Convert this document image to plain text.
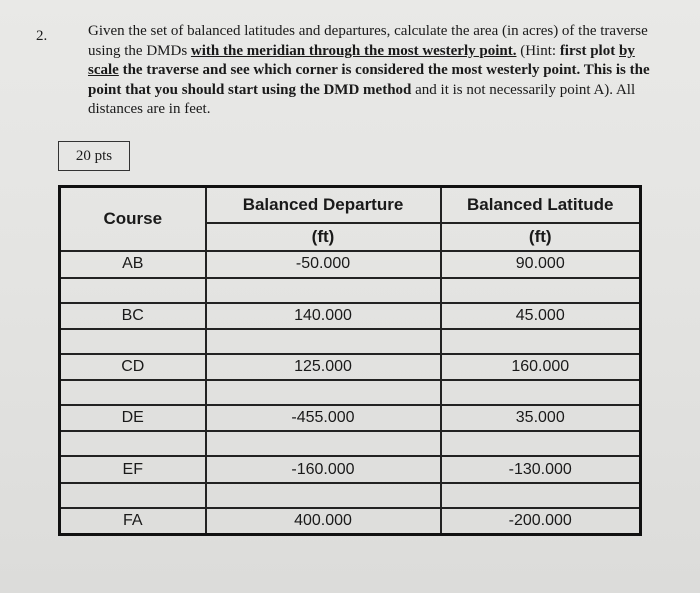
2.	Given the set of balanced latitudes and departures, calculate the area (in acres) of the traverse using the DMDs with the meridian through the most westerly point. (Hint: first plot by scale the traverse and see which corner is considered the most westerly point. This is the point that you should start using the DMD method and it is not necessarily point A). All distances are in feet.
20 pts
Course	Balanced Departure	Balanced Latitude
	(ft)	(ft)
AB	-50.000	90.000

BC	140.000	45.000

CD	125.000	160.000

DE	-455.000	35.000

EF	-160.000	-130.000

FA	400.000	-200.000
